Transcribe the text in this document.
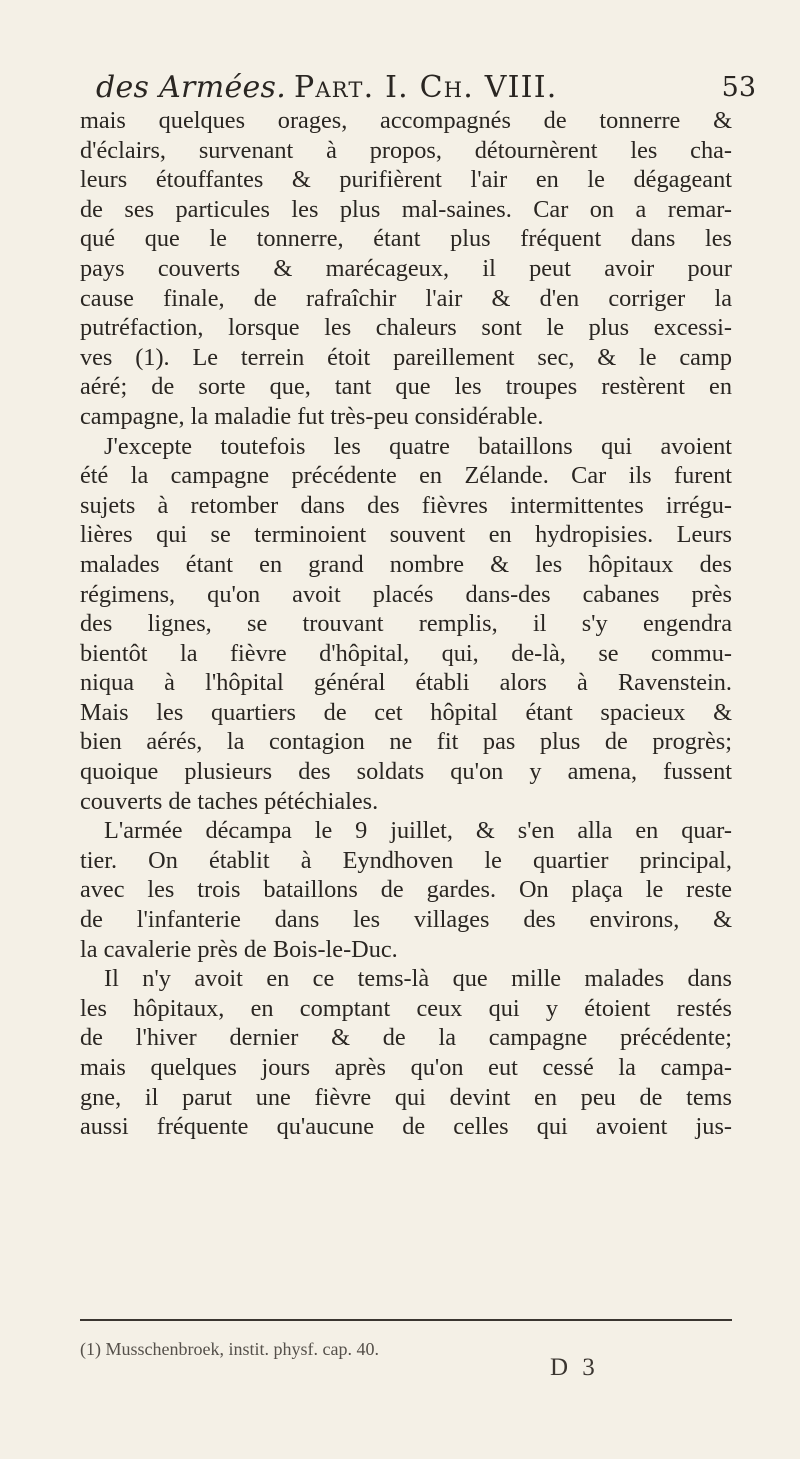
des Armées. Part. I. Ch. VIII.	53
mais quelques orages, accompagnés de tonnerre &
d'éclairs, survenant à propos, détournèrent les cha-
leurs étouffantes & purifièrent l'air en le dégageant
de ses particules les plus mal-saines. Car on a remar-
qué que le tonnerre, étant plus fréquent dans les
pays couverts & marécageux, il peut avoir pour
cause finale, de rafraîchir l'air & d'en corriger la
putréfaction, lorsque les chaleurs sont le plus excessi-
ves (1). Le terrein étoit pareillement sec, & le camp
aéré; de sorte que, tant que les troupes restèrent en
campagne, la maladie fut très-peu considérable.
J'excepte toutefois les quatre bataillons qui avoient
été la campagne précédente en Zélande. Car ils furent
sujets à retomber dans des fièvres intermittentes irrégu-
lières qui se terminoient souvent en hydropisies. Leurs
malades étant en grand nombre & les hôpitaux des
régimens, qu'on avoit placés dans-des cabanes près
des lignes, se trouvant remplis, il s'y engendra
bientôt la fièvre d'hôpital, qui, de-là, se commu-
niqua à l'hôpital général établi alors à Ravenstein.
Mais les quartiers de cet hôpital étant spacieux &
bien aérés, la contagion ne fit pas plus de progrès;
quoique plusieurs des soldats qu'on y amena, fussent
couverts de taches pétéchiales.
L'armée décampa le 9 juillet, & s'en alla en quar-
tier. On établit à Eyndhoven le quartier principal,
avec les trois bataillons de gardes. On plaça le reste
de l'infanterie dans les villages des environs, &
la cavalerie près de Bois-le-Duc.
Il n'y avoit en ce tems-là que mille malades dans
les hôpitaux, en comptant ceux qui y étoient restés
de l'hiver dernier & de la campagne précédente;
mais quelques jours après qu'on eut cessé la campa-
gne, il parut une fièvre qui devint en peu de tems
aussi fréquente qu'aucune de celles qui avoient jus-
(1) Musschenbroek, instit. physf. cap. 40.
D 3
